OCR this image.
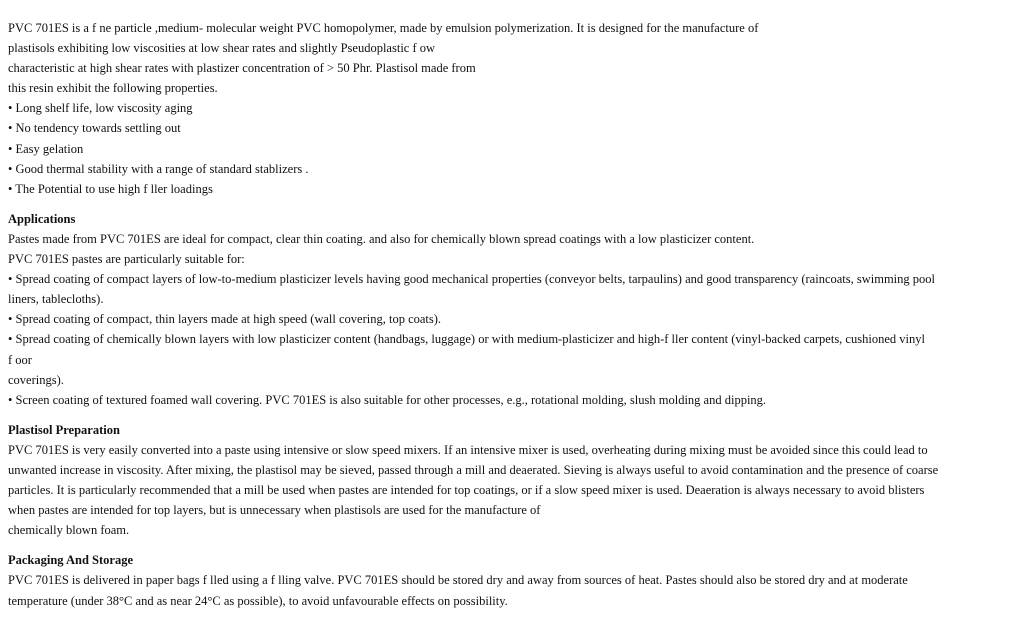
PVC 701ES is a f ne particle ,medium- molecular weight PVC homopolymer, made by emulsion polymerization. It is designed for the manufacture of
plastisols exhibiting low viscosities at low shear rates and slightly Pseudoplastic f ow
characteristic at high shear rates with plastizer concentration of > 50 Phr. Plastisol made from
this resin exhibit the following properties.
• Long shelf life, low viscosity aging
• No tendency towards settling out
• Easy gelation
• Good thermal stability with a range of standard stablizers .
• The Potential to use high f ller loadings
Applications
Pastes made from PVC 701ES are ideal for compact, clear thin coating. and also for chemically blown spread coatings with a low plasticizer content.
PVC 701ES pastes are particularly suitable for:
• Spread coating of compact layers of low-to-medium plasticizer levels having good mechanical properties (conveyor belts, tarpaulins) and good transparency (raincoats, swimming pool
liners, tablecloths).
• Spread coating of compact, thin layers made at high speed (wall covering, top coats).
• Spread coating of chemically blown layers with low plasticizer content (handbags, luggage) or with medium-plasticizer and high-f ller content (vinyl-backed carpets, cushioned vinyl
f oor
coverings).
• Screen coating of textured foamed wall covering. PVC 701ES is also suitable for other processes, e.g., rotational molding, slush molding and dipping.
Plastisol Preparation
PVC 701ES is very easily converted into a paste using intensive or slow speed mixers. If an intensive mixer is used, overheating during mixing must be avoided since this could lead to
unwanted increase in viscosity. After mixing, the plastisol may be sieved, passed through a mill and deaerated. Sieving is always useful to avoid contamination and the presence of coarse
particles. It is particularly recommended that a mill be used when pastes are intended for top coatings, or if a slow speed mixer is used. Deaeration is always necessary to avoid blisters
when pastes are intended for top layers, but is unnecessary when plastisols are used for the manufacture of
chemically blown foam.
Packaging And Storage
PVC 701ES is delivered in paper bags f lled using a f lling valve. PVC 701ES should be stored dry and away from sources of heat. Pastes should also be stored dry and at moderate
temperature (under 38°C and as near 24°C as possible), to avoid unfavourable effects on possibility.
